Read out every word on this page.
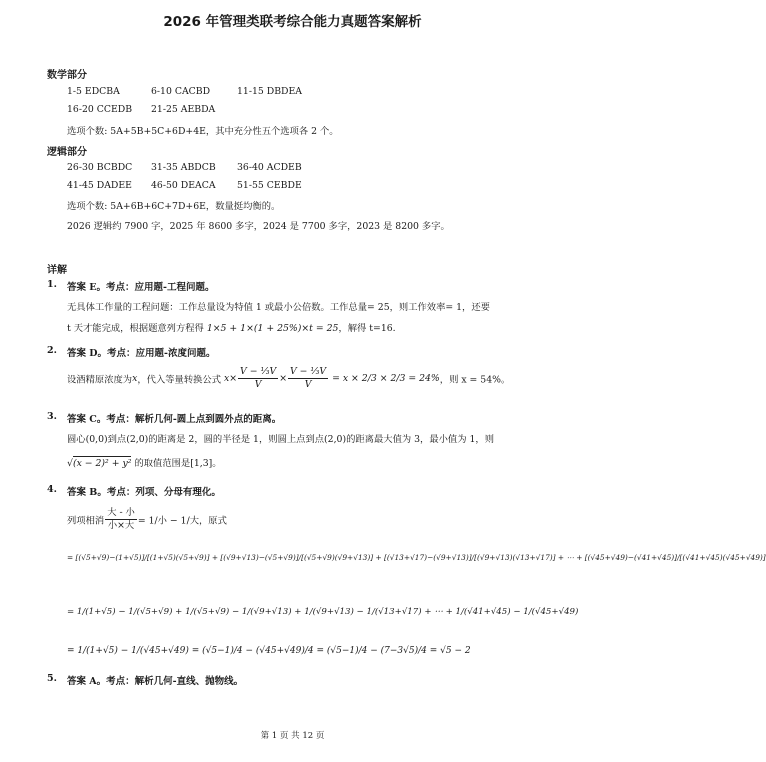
2026 年管理类联考综合能力真题答案解析
数学部分
1-5 EDCBA	6-10 CACBD	11-15 DBDEA
16-20 CCEDB 21-25 AEBDA
选项个数: 5A+5B+5C+6D+4E，其中充分性五个选项各 2 个。
逻辑部分
26-30 BCBDC 31-35 ABDCB 36-40 ACDEB
41-45 DADEE 46-50 DEACA 51-55 CEBDE
选项个数: 5A+6B+6C+7D+6E，数量挺均衡的。
2026 逻辑约 7900 字，2025 年 8600 多字，2024 是 7700 多字，2023 是 8200 多字。
详解
1. 答案 E。考点：应用题-工程问题。
无具体工作量的工程问题：工作总量设为特值 1 或最小公倍数。工作总量= 25，则工作效率= 1，还要
t 天才能完成，根据题意列方程得 1×5 + 1×(1 + 25%)×t = 25，解得 t=16.
2. 答案 D。考点：应用题-浓度问题。
设酒精原浓度为x，代入等量转换公式 $x\times \frac{\text{V − ⅓V}}{V} \times \frac{\text{V − ⅓V}}{V} = x \times 2/3 \times 2/3 = 24\%$，则 x = 54%。
3. 答案 C。考点：解析几何-圆上点到圆外点的距离。
圆心(0,0)到点(2,0)的距离是 2，圆的半径是 1，则圆上点到点(2,0)的距离最大值为 3，最小值为 1，则
√(x − 2)² + y² 的取值范围是[1,3]。
4. 答案 B。考点：列项、分母有理化。
列项相消 $\frac{\text{大 - 小}}{\text{小×大}} = 1/$小 − 1/大，原式
= [(√5+√9)−(1+√5)]/[(1+√5)(√5+√9)] + [(√9+√13)−(√5+√9)]/[(√5+√9)(√9+√13)] + [(√13+√17)−(√9+√13)]/[(√9+√13)(√13+√17)] + ⋯ + [(√45+√49)−(√41+√45)]/[(√41+√45)(√45+√49)]
= 1/(1+√5) − 1/(√5+√9) + 1/(√5+√9) − 1/(√9+√13) + 1/(√9+√13) − 1/(√13+√17) + ⋯ + 1/(√41+√45) − 1/(√45+√49)
= 1/(1+√5) − 1/(√45+√49) = (√5−1)/4 − (√45+√49)/4 = (√5−1)/4 − (7−3√5)/4 = √5 − 2
5. 答案 A。考点：解析几何-直线、抛物线。
第 1 页 共 12 页
